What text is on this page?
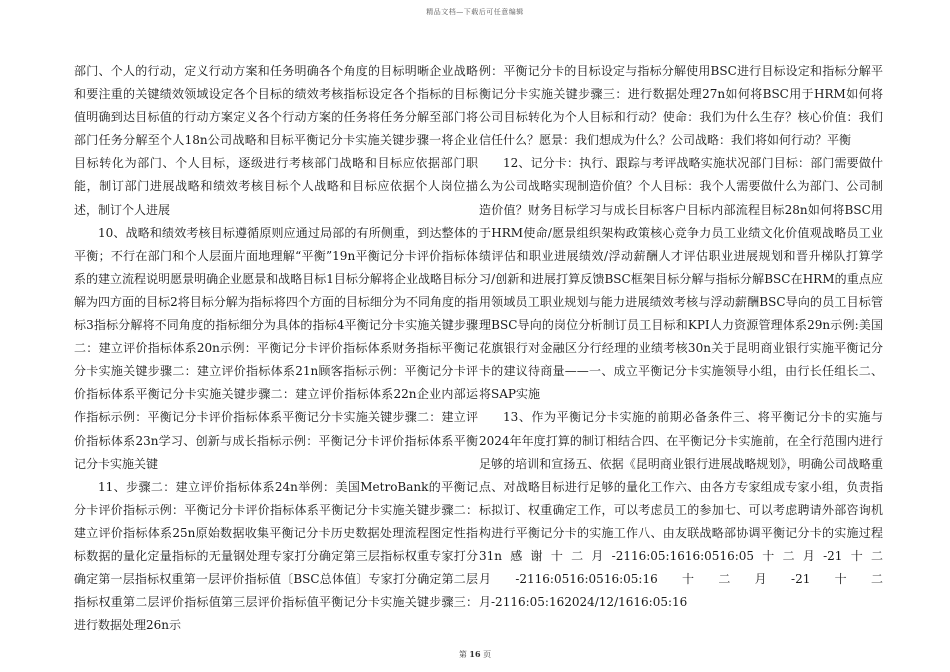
精品文档—下载后可任意编辑

部门、个人的行动，定义行动方案和任务明确各个角度的目标明晰企业战略和要注重的关键绩效领域设定各个目标的绩效考核指标设定各个指标的目标值明确到达目标值的行动方案定义各个行动方案的任务将任务分解至部门将部门任务分解至个人18n公司战略和目标平衡记分卡实施关键步骤一将企业目标转化为部门、个人目标，逐级进行考核部门战略和目标应依据部门职能，制订部门进展战略和绩效考核目标个人战略和目标应依据个人岗位描述，制订个人进展

10、战略和绩效考核目标遵循原则应通过局部的有所侧重，到达整体的平衡；不行在部门和个人层面片面地理解“平衡”19n平衡记分卡评价指标体系的建立流程说明愿景明确企业愿景和战略目标1目标分解将企业战略目标分解为四方面的目标2将目标分解为指标将四个方面的目标细分为不同角度的指标3指标分解将不同角度的指标细分为具体的指标4平衡记分卡实施关键步骤二：建立评价指标体系20n示例：平衡记分卡评价指标体系财务指标平衡记分卡实施关键步骤二：建立评价指标体系21n顾客指标示例：平衡记分卡评价指标体系平衡记分卡实施关键步骤二：建立评价指标体系22n企业内部运作指标示例：平衡记分卡评价指标体系平衡记分卡实施关键步骤二：建立评价指标体系23n学习、创新与成长指标示例：平衡记分卡评价指标体系平衡记分卡实施关键

11、步骤二：建立评价指标体系24n举例：美国MetroBank的平衡记分卡评价指标示例：平衡记分卡评价指标体系平衡记分卡实施关键步骤二：建立评价指标体系25n原始数据收集平衡记分卡历史数据处理流程图定性指标数据的量化定量指标的无量钢处理专家打分确定第三层指标权重专家打分确定第一层指标权重第一层评价指标值〔BSC总体值〕专家打分确定第二层指标权重第二层评价指标值第三层评价指标值平衡记分卡实施关键步骤三：进行数据处理26n示

例：平衡记分卡的目标设定与指标分解使用BSC进行目标设定和指标分解平衡记分卡实施关键步骤三：进行数据处理27n如何将BSC用于HRM如何将公司目标转化为个人目标和行动？使命：我们为什么生存？核心价值：我们信任什么？愿景：我们想成为什么？公司战略：我们将如何行动？平衡

12、记分卡：执行、跟踪与考评战略实施状况部门目标：部门需要做什么为公司战略实现制造价值？个人目标：我个人需要做什么为部门、公司制造价值？财务目标学习与成长目标客户目标内部流程目标28n如何将BSC用于HRM使命/愿景组织架构政策核心竞争力员工业绩文化价值观战略员工业绩评估和职业进展绩效/浮动薪酬人才评估职业进展规划和晋升梯队打算学习/创新和进展打算反馈BSC框架目标分解与指标分解BSC在HRM的重点应用领域员工职业规划与能力进展绩效考核与浮动薪酬BSC导向的员工目标管理BSC导向的岗位分析制订员工目标和KPI人力资源管理体系29n示例:美国花旗银行对金融区分行经理的业绩考核30n关于昆明商业银行实施平衡记分卡的建议待商量——一、成立平衡记分卡实施领导小组，由行长任组长二、将SAP实施

13、作为平衡记分卡实施的前期必备条件三、将平衡记分卡的实施与2024年年度打算的制订相结合四、在平衡记分卡实施前，在全行范围内进行足够的培训和宣扬五、依据《昆明商业银行进展战略规划》，明确公司战略重点、对战略目标进行足够的量化工作六、由各方专家组成专家小组，负责指标拟订、权重确定工作，可以考虑员工的参加七、可以考虑聘请外部咨询机构进行平衡记分卡的实施工作八、由友联战略部协调平衡记分卡的实施过程31n感谢十二月-2116:05:1616:0516:05十二月-21十二月-2116:0516:0516:05:16十二月-21十二月-2116:05:162024/12/1616:05:16

第 16 页
